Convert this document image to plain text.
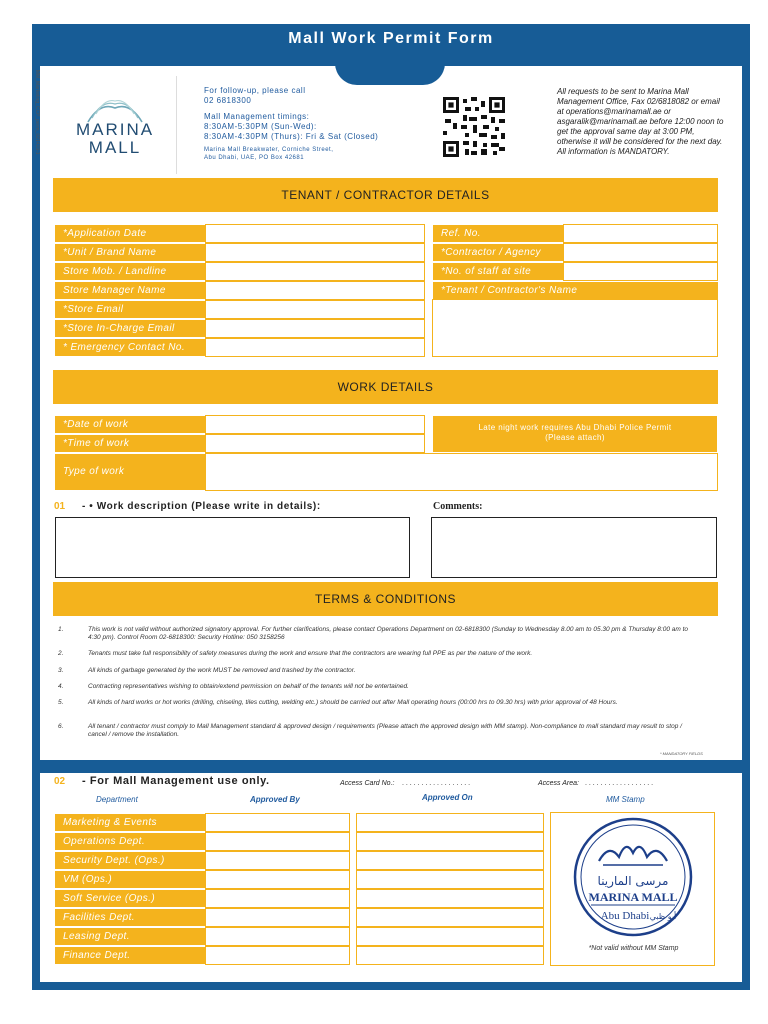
Mall Work Permit Form
MM_Marketing_CCP_perm_021419-1	MARINA
MALL
For follow-up, please call
02 6818300
Mall Management timings:
8:30AM-5:30PM (Sun-Wed):
8:30AM-4:30PM (Thurs): Fri & Sat (Closed)
Marina Mall Breakwater, Corniche Street,
Abu Dhabi, UAE, PO Box 42681
All requests to be sent to Marina Mall Management Office, Fax 02/6818082 or email at operations@marinamall.ae or asgaralik@marinamall.ae before 12:00 noon to get the approval same day at 3:00 PM, otherwise it will be considered for the next day. All information is MANDATORY.
TENANT / CONTRACTOR DETAILS
*Application Date
*Unit / Brand Name
Store Mob. / Landline
Store Manager Name
*Store Email
*Store In-Charge Email
* Emergency Contact No.
Ref. No.
*Contractor / Agency
*No. of staff at site
*Tenant / Contractor's Name
WORK DETAILS
*Date of work
*Time of work
Late night work requires Abu Dhabi Police Permit
(Please attach)
Type of work
01 - • Work description (Please write in details):	Comments:
TERMS & CONDITIONS
1.	This work is not valid without authorized signatory approval. For further clarifications, please contact Operations Department on 02-6818300 (Sunday to Wednesday 8.00 am to 05.30 pm & Thursday 8:00 am to 4:30 pm). Control Room 02-6818300: Security Hotline: 050 3158256
2.	Tenants must take full responsibility of safety measures during the work and ensure that the contractors are wearing full PPE as per the nature of the work.
3.	All kinds of garbage generated by the work MUST be removed and trashed by the contractor.
4.	Contracting representatives wishing to obtain/extend permission on behalf of the tenants will not be entertained.
5.	All kinds of hard works or hot works (drilling, chiseling, tiles cutting, welding etc.) should be carried out after Mall operating hours (00:00 hrs to 09.30 hrs) with prior approval of 48 Hours.
6.	All tenant / contractor must comply to Mall Management standard & approved design / requirements (Please attach the approved design with MM stamp). Non-compliance to mall standard may result to stop / cancel / remove the installation.
* MANDATORY FIELDS
02 - For Mall Management use only.	Access Card No.: . . . . . . . . . . . . . . . . . .	Access Area: . . . . . . . . . . . . . . . . . .
Department	Approved By	Approved On	MM Stamp
Marketing & Events
Operations Dept.
Security Dept. (Ops.)
VM (Ops.)
Soft Service (Ops.)
Facilities Dept.
Leasing Dept.
Finance Dept.
مرسى المارينا
MARINA MALL
Abu Dhabi أبو ظبي
*Not valid without MM Stamp
